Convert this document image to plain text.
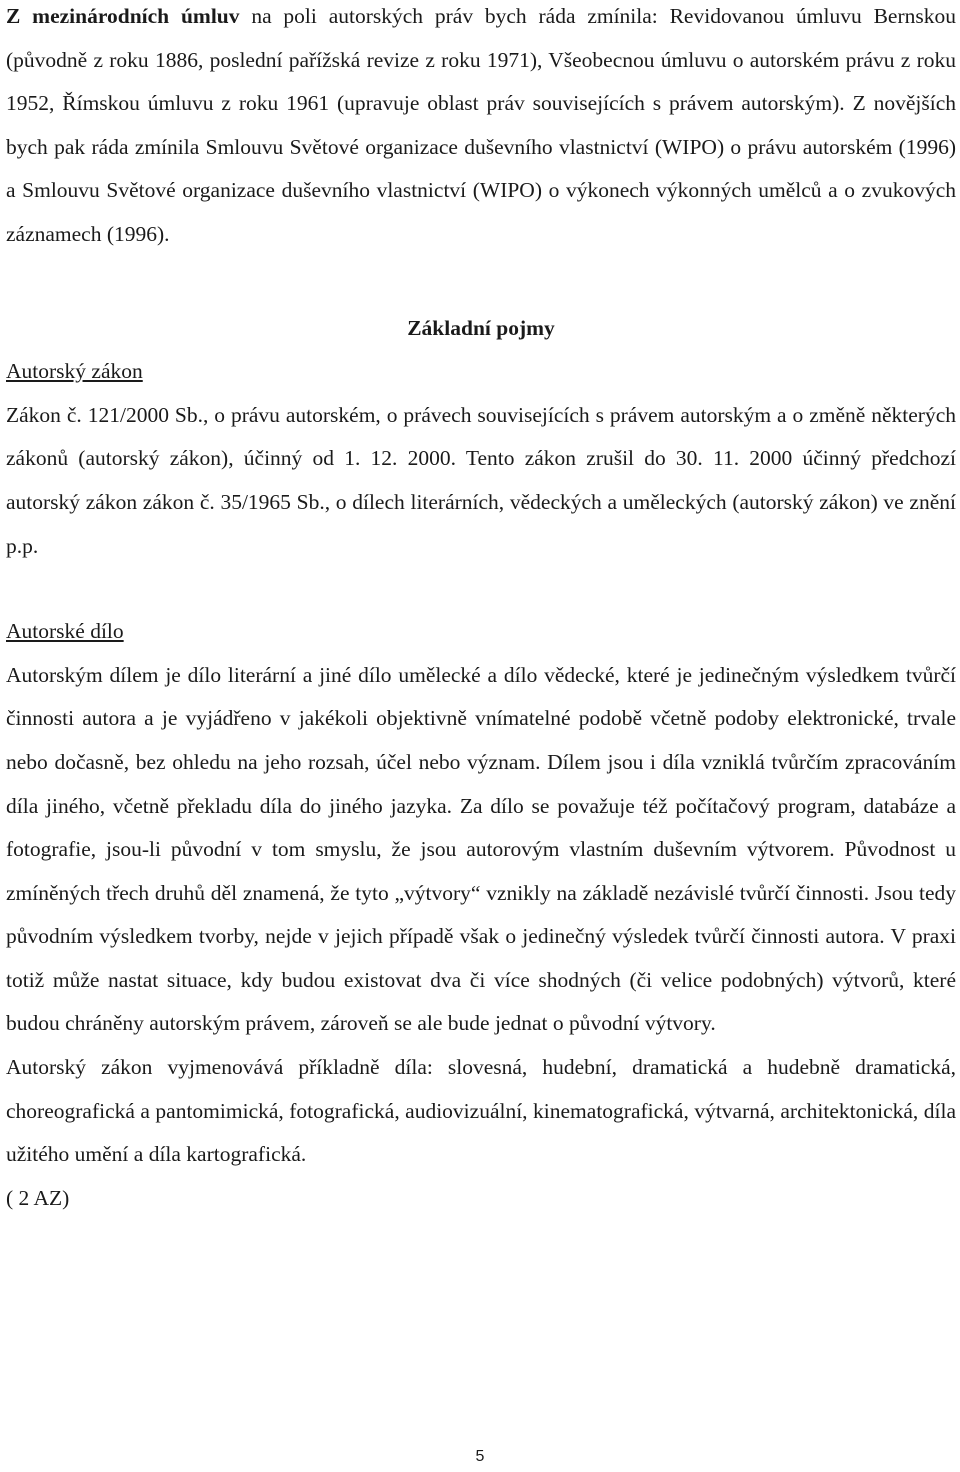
Z mezinárodních úmluv na poli autorských práv bych ráda zmínila: Revidovanou úmluvu Bernskou (původně z roku 1886, poslední pařížská revize z roku 1971), Všeobecnou úmluvu o autorském právu z roku 1952, Římskou úmluvu z roku 1961 (upravuje oblast práv souvisejících s právem autorským). Z novějších bych pak ráda zmínila Smlouvu Světové organizace duševního vlastnictví (WIPO) o právu autorském (1996) a Smlouvu Světové organizace duševního vlastnictví (WIPO) o výkonech výkonných umělců a o zvukových záznamech (1996).

Základní pojmy

Autorský zákon

Zákon č. 121/2000 Sb., o právu autorském, o právech souvisejících s právem autorským a o změně některých zákonů (autorský zákon), účinný od 1. 12. 2000. Tento zákon zrušil do 30. 11. 2000 účinný předchozí autorský zákon zákon č. 35/1965 Sb., o dílech literárních, vědeckých a uměleckých (autorský zákon) ve znění p.p.

Autorské dílo

Autorským dílem je dílo literární a jiné dílo umělecké a dílo vědecké, které je jedinečným výsledkem tvůrčí činnosti autora a je vyjádřeno v jakékoli objektivně vnímatelné podobě včetně podoby elektronické, trvale nebo dočasně, bez ohledu na jeho rozsah, účel nebo význam. Dílem jsou i díla vzniklá tvůrčím zpracováním díla jiného, včetně překladu díla do jiného jazyka. Za dílo se považuje též počítačový program, databáze a fotografie, jsou-li původní v tom smyslu, že jsou autorovým vlastním duševním výtvorem. Původnost u zmíněných třech druhů děl znamená, že tyto „výtvory“ vznikly na základě nezávislé tvůrčí činnosti. Jsou tedy původním výsledkem tvorby, nejde v jejich případě však o jedinečný výsledek tvůrčí činnosti autora. V praxi totiž může nastat situace, kdy budou existovat dva či více shodných (či velice podobných) výtvorů, které budou chráněny autorským právem, zároveň se ale bude jednat o původní výtvory.

Autorský zákon vyjmenovává příkladně díla: slovesná, hudební, dramatická a hudebně dramatická, choreografická a pantomimická, fotografická, audiovizuální, kinematografická, výtvarná, architektonická, díla užitého umění a díla kartografická.

( 2 AZ)

5
